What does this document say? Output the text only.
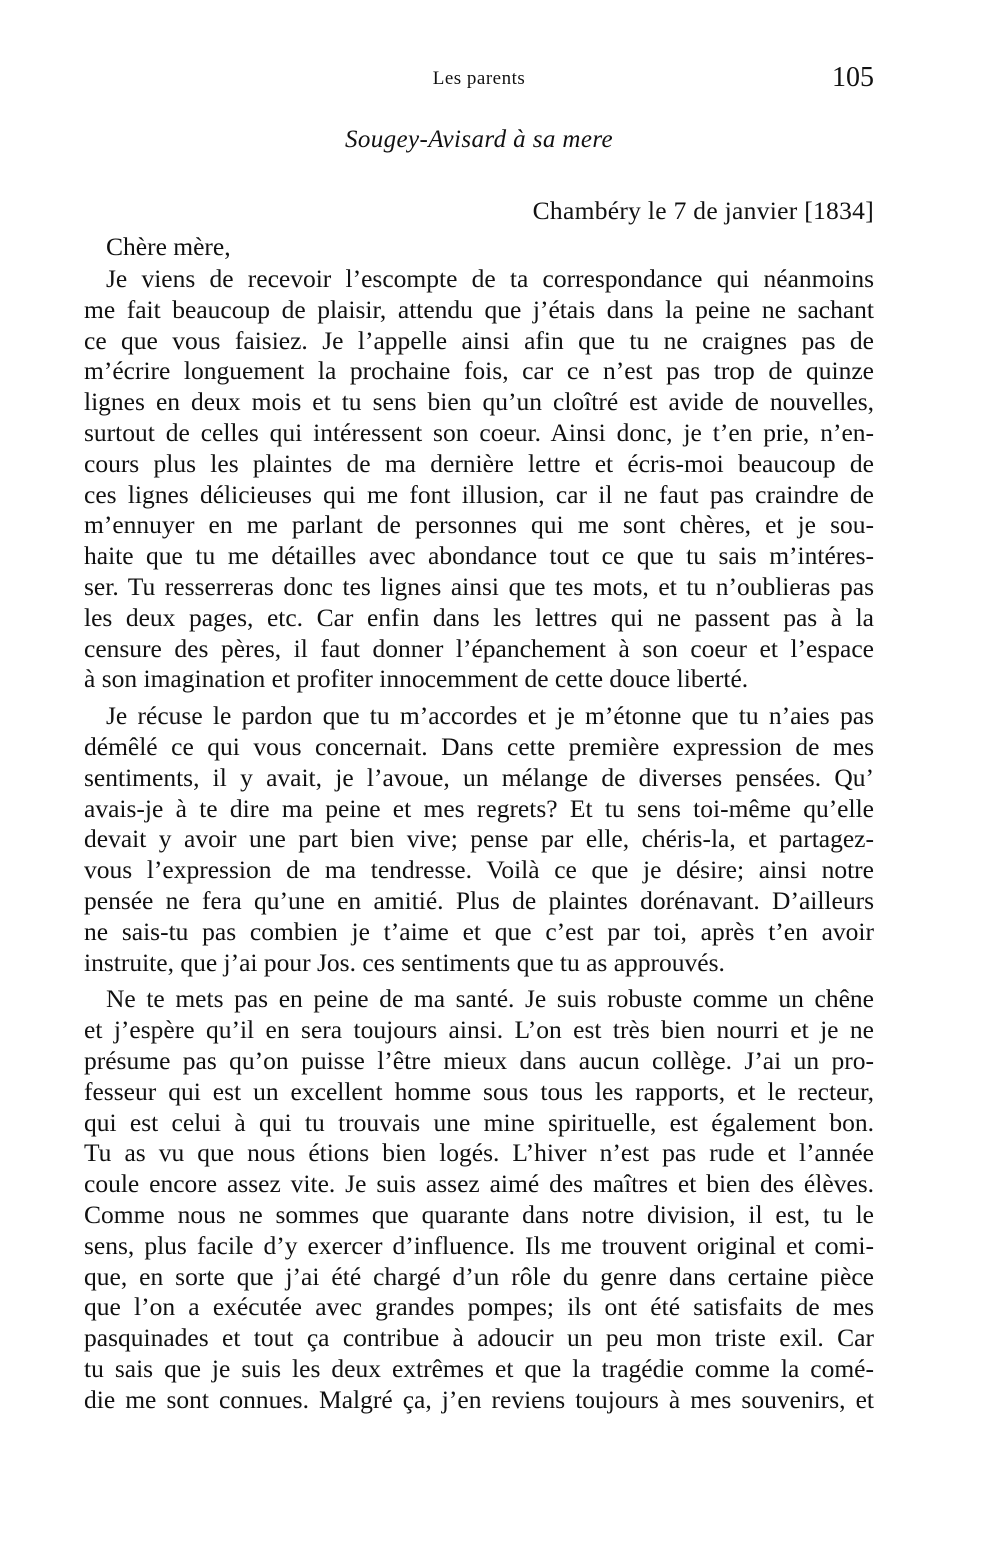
Les parents	105
Sougey-Avisard à sa mere
Chambéry le 7 de janvier [1834]
Chère mère,
Je viens de recevoir l’escompte de ta correspondance qui néanmoins
me fait beaucoup de plaisir, attendu que j’étais dans la peine ne sachant
ce que vous faisiez. Je l’appelle ainsi afin que tu ne craignes pas de
m’écrire longuement la prochaine fois, car ce n’est pas trop de quinze
lignes en deux mois et tu sens bien qu’un cloîtré est avide de nouvelles,
surtout de celles qui intéressent son coeur. Ainsi donc, je t’en prie, n’en-
cours plus les plaintes de ma dernière lettre et écris-moi beaucoup de
ces lignes délicieuses qui me font illusion, car il ne faut pas craindre de
m’ennuyer en me parlant de personnes qui me sont chères, et je sou-
haite que tu me détailles avec abondance tout ce que tu sais m’intéres-
ser. Tu resserreras donc tes lignes ainsi que tes mots, et tu n’oublieras pas
les deux pages, etc. Car enfin dans les lettres qui ne passent pas à la
censure des pères, il faut donner l’épanchement à son coeur et l’espace
à son imagination et profiter innocemment de cette douce liberté.
Je récuse le pardon que tu m’accordes et je m’étonne que tu n’aies pas
démêlé ce qui vous concernait. Dans cette première expression de mes
sentiments, il y avait, je l’avoue, un mélange de diverses pensées. Qu’
avais-je à te dire ma peine et mes regrets? Et tu sens toi-même qu’elle
devait y avoir une part bien vive; pense par elle, chéris-la, et partagez-
vous l’expression de ma tendresse. Voilà ce que je désire; ainsi notre
pensée ne fera qu’une en amitié. Plus de plaintes dorénavant. D’ailleurs
ne sais-tu pas combien je t’aime et que c’est par toi, après t’en avoir
instruite, que j’ai pour Jos. ces sentiments que tu as approuvés.
Ne te mets pas en peine de ma santé. Je suis robuste comme un chêne
et j’espère qu’il en sera toujours ainsi. L’on est très bien nourri et je ne
présume pas qu’on puisse l’être mieux dans aucun collège. J’ai un pro-
fesseur qui est un excellent homme sous tous les rapports, et le recteur,
qui est celui à qui tu trouvais une mine spirituelle, est également bon.
Tu as vu que nous étions bien logés. L’hiver n’est pas rude et l’année
coule encore assez vite. Je suis assez aimé des maîtres et bien des élèves.
Comme nous ne sommes que quarante dans notre division, il est, tu le
sens, plus facile d’y exercer d’influence. Ils me trouvent original et comi-
que, en sorte que j’ai été chargé d’un rôle du genre dans certaine pièce
que l’on a exécutée avec grandes pompes; ils ont été satisfaits de mes
pasquinades et tout ça contribue à adoucir un peu mon triste exil. Car
tu sais que je suis les deux extrêmes et que la tragédie comme la comé-
die me sont connues. Malgré ça, j’en reviens toujours à mes souvenirs, et
